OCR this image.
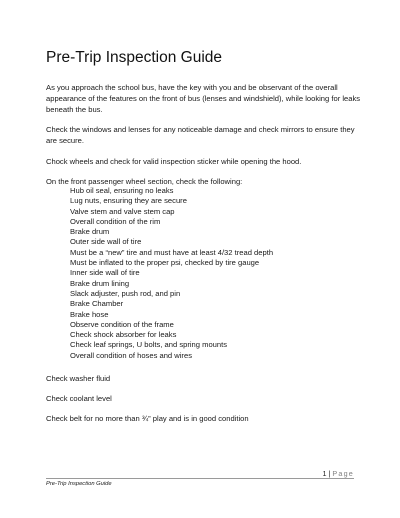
Pre-Trip Inspection Guide
As you approach the school bus, have the key with you and be observant of the overall appearance of the features on the front of bus (lenses and windshield), while looking for leaks beneath the bus.
Check the windows and lenses for any noticeable damage and check mirrors to ensure they are secure.
Chock wheels and check for valid inspection sticker while opening the hood.
On the front passenger wheel section, check the following:
Hub oil seal, ensuring no leaks
Lug nuts, ensuring they are secure
Valve stem and valve stem cap
Overall condition of the rim
Brake drum
Outer side wall of tire
Must be a “new” tire and must have at least 4/32 tread depth
Must be inflated to the proper psi, checked by tire gauge
Inner side wall of tire
Brake drum lining
Slack adjuster, push rod, and pin
Brake Chamber
Brake hose
Observe condition of the frame
Check shock absorber for leaks
Check leaf springs, U bolts, and spring mounts
Overall condition of hoses and wires
Check washer fluid
Check coolant level
Check belt for no more than ¾” play and is in good condition
1 | Page
Pre-Trip Inspection Guide
